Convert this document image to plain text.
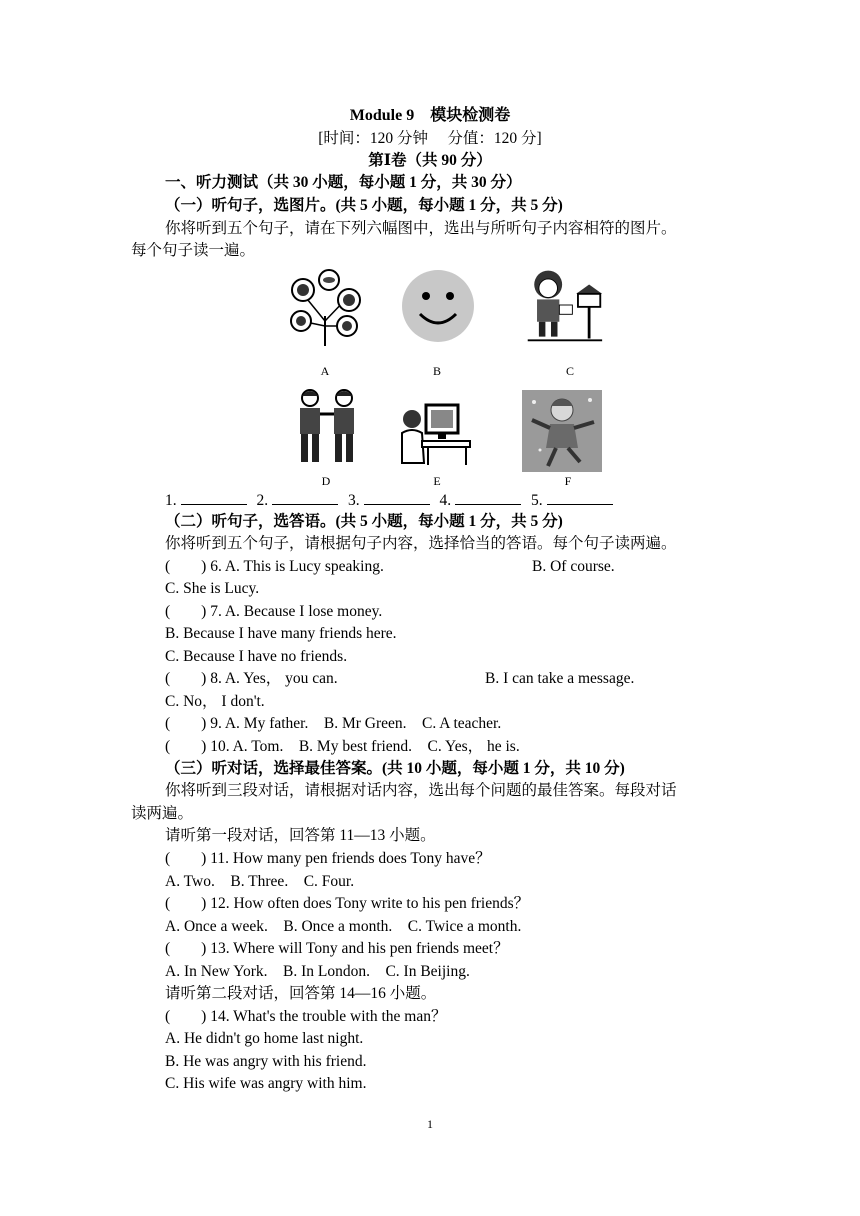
Module 9　模块检测卷
[时间：120 分钟　 分值：120 分]
第Ⅰ卷（共 90 分）
一、听力测试（共 30 小题，每小题 1 分，共 30 分）
（一）听句子，选图片。(共 5 小题，每小题 1 分，共 5 分)
你将听到五个句子，请在下列六幅图中，选出与所听句子内容相符的图片。
每个句子读一遍。
A	B	C
D	E	F
1.	2.	3.	4.	5.
（二）听句子，选答语。(共 5 小题，每小题 1 分，共 5 分)
你将听到五个句子，请根据句子内容，选择恰当的答语。每个句子读两遍。
(　　) 6. A. This is Lucy speaking.	B. Of course.
C. She is Lucy.
(　　) 7. A. Because I lose money.
B. Because I have many friends here.
C. Because I have no friends.
(　　) 8. A. Yes， you can.	B. I can take a message.
C. No， I don't.
(　　) 9. A. My father.　B. Mr Green.　C. A teacher.
(　　) 10. A. Tom.　B. My best friend.　C. Yes， he is.
（三）听对话，选择最佳答案。(共 10 小题，每小题 1 分，共 10 分)
你将听到三段对话，请根据对话内容，选出每个问题的最佳答案。每段对话
读两遍。
请听第一段对话，回答第 11—13 小题。
(　　) 11. How many pen friends does Tony have？
A. Two.　B. Three.　C. Four.
(　　) 12. How often does Tony write to his pen friends？
A. Once a week.　B. Once a month.　C. Twice a month.
(　　) 13. Where will Tony and his pen friends meet？
A. In New York.　B. In London.　C. In Beijing.
请听第二段对话，回答第 14—16 小题。
(　　) 14. What's the trouble with the man？
A. He didn't go home last night.
B. He was angry with his friend.
C. His wife was angry with him.
1
